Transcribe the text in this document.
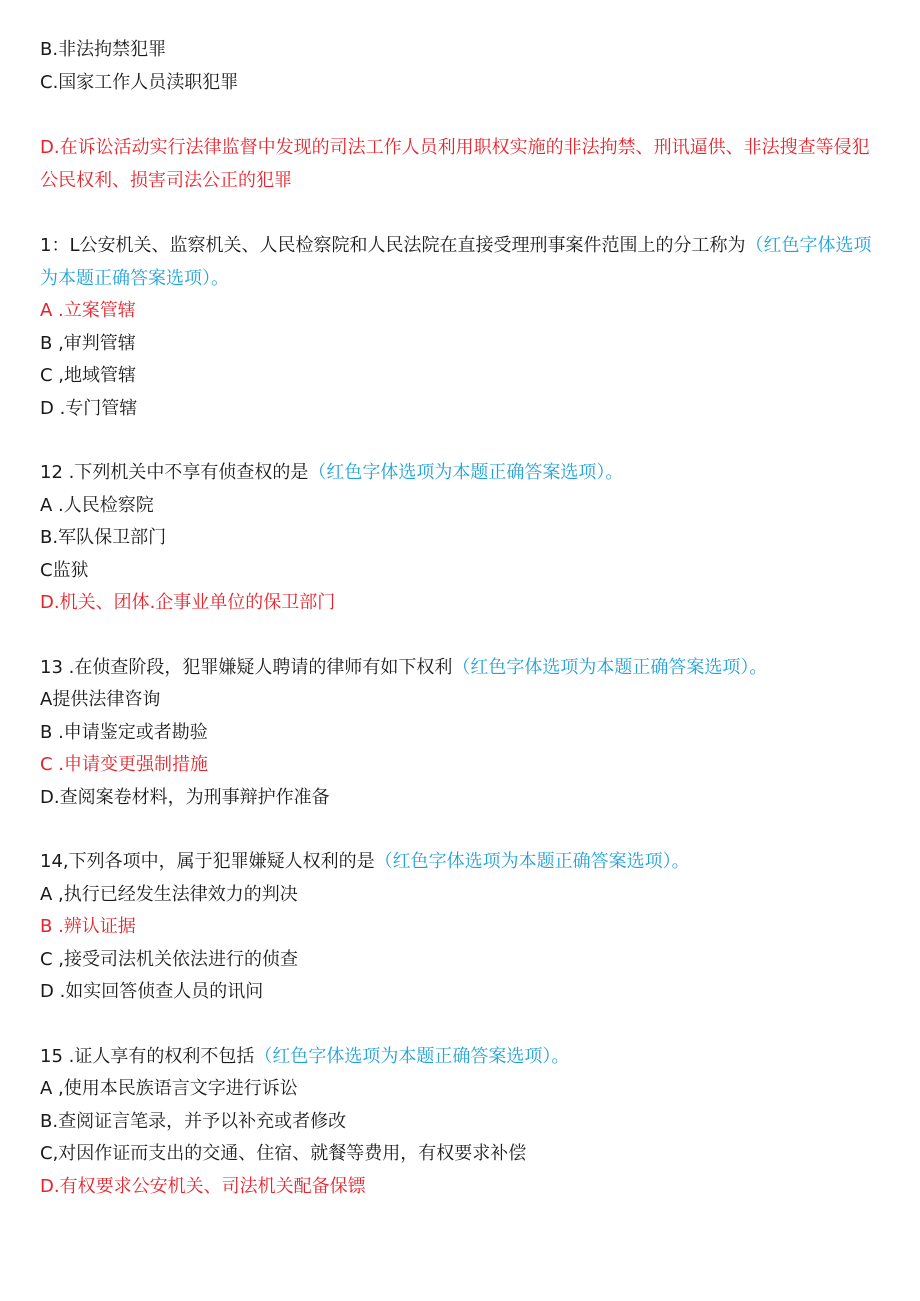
B.非法拘禁犯罪
C.国家工作人员渎职犯罪
D.在诉讼活动实行法律监督中发现的司法工作人员利用职权实施的非法拘禁、刑讯逼供、非法搜查等侵犯公民权利、损害司法公正的犯罪
1：L公安机关、监察机关、人民检察院和人民法院在直接受理刑事案件范围上的分工称为（红色字体选项 为本题正确答案选项）。
A .立案管辖
B ,审判管辖
C ,地域管辖
D .专门管辖
12 .下列机关中不享有侦查权的是（红色字体选项为本题正确答案选项）。
A .人民检察院
B.军队保卫部门
C监狱
D.机关、团体.企事业单位的保卫部门
13 .在侦查阶段，犯罪嫌疑人聘请的律师有如下权利（红色字体选项为本题正确答案选项）。
A提供法律咨询
B .申请鉴定或者勘验
C .申请变更强制措施
D.查阅案卷材料，为刑事辩护作准备
14,下列各项中，属于犯罪嫌疑人权利的是（红色字体选项为本题正确答案选项）。
A ,执行已经发生法律效力的判决
B .辨认证据
C ,接受司法机关依法进行的侦查
D .如实回答侦查人员的讯问
15 .证人享有的权利不包括（红色字体选项为本题正确答案选项）。
A ,使用本民族语言文字进行诉讼
B.查阅证言笔录，并予以补充或者修改
C,对因作证而支出的交通、住宿、就餐等费用，有权要求补偿
D.有权要求公安机关、司法机关配备保镖
